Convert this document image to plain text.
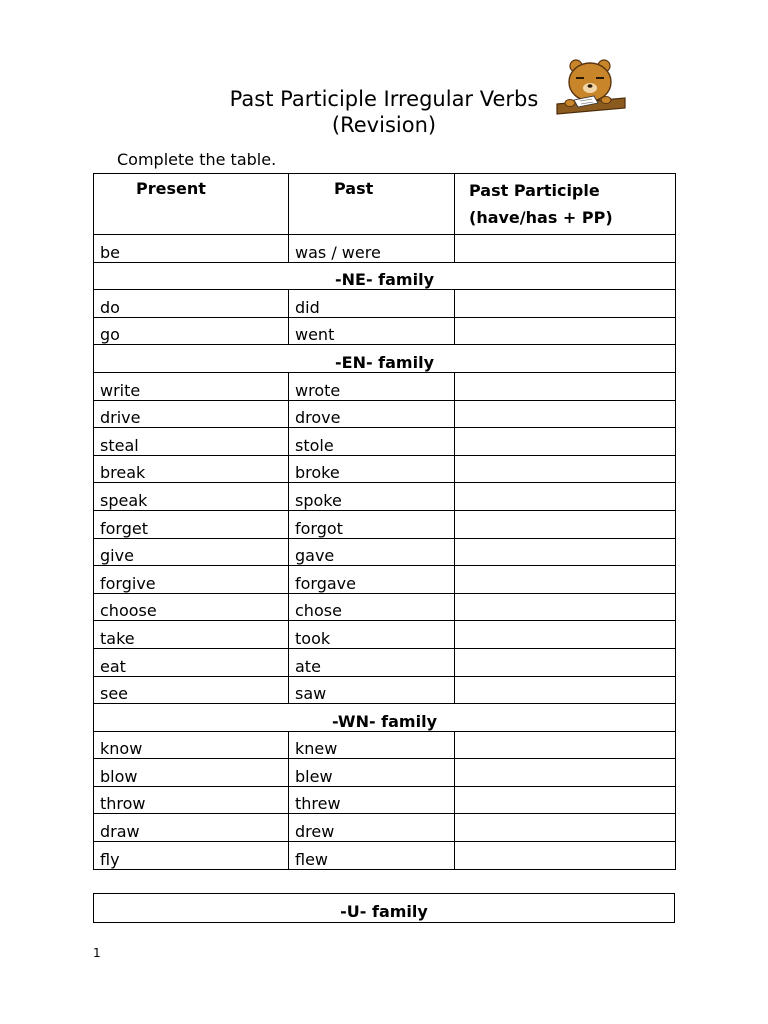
Past Participle Irregular Verbs
(Revision)
Complete the table.
Present	Past	Past Participle
(have/has + PP)

be	was / were	
-NE- family		
do	did	
go	went	
-EN- family		
write	wrote	
drive	drove	
steal	stole	
break	broke	
speak	spoke	
forget	forgot	
give	gave	
forgive	forgave	
choose	chose	
take	took	
eat	ate	
see	saw	
-WN- family		
know	knew	
blow	blew	
throw	threw	
draw	drew	
fly	flew	
-U- family
1
